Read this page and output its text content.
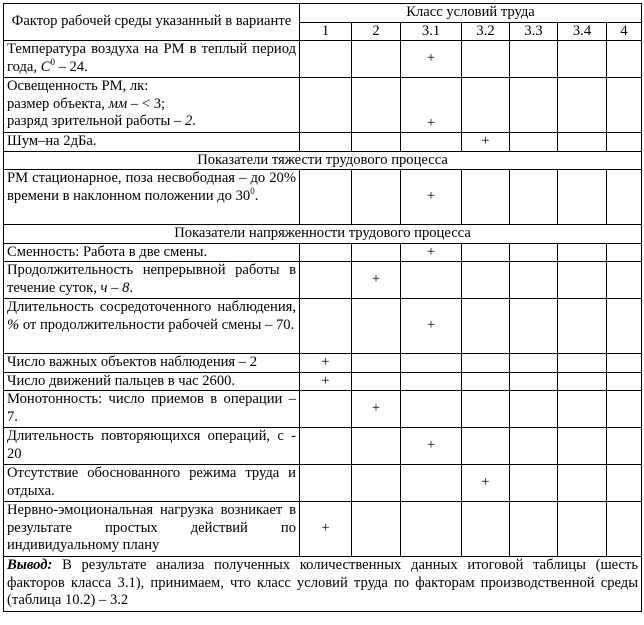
Фактор рабочей среды указанный в варианте	Класс условий труда						
	1	2	3.1	3.2	3.3	3.4	4
Температура воздуха на РМ в теплый период года, $С^0 - 24$.			+				
Освещенность РМ, лк:
размер объекта, мм – < 3;
разряд зрительной работы – 2.			+				
Шум–на 2дБа.				+			
Показатели тяжести трудового процесса							
РМ стационарное, поза несвободная – до 20% времени в наклонном положении до $30^0$.			+				
Показатели напряженности трудового процесса							
Сменность: Работа в две смены.			+				
Продолжительность непрерывной работы в течение суток, ч – 8.		+					
Длительность сосредоточенного наблюдения, % от продолжительности рабочей смены – 70.			+				
Число важных объектов наблюдения – 2	+						
Число движений пальцев в час 2600.	+						
Монотонность: число приемов в операции – 7.		+					
Длительность повторяющихся операций, с - 20			+				
Отсутствие обоснованного режима труда и отдыха.				+			
Нервно-эмоциональная нагрузка возникает в результате простых действий по индивидуальному плану	+						
Вывод: В результате анализа полученных количественных данных итоговой таблицы (шесть факторов класса 3.1), принимаем, что класс условий труда по факторам производственной среды (таблица 10.2) – 3.2							
